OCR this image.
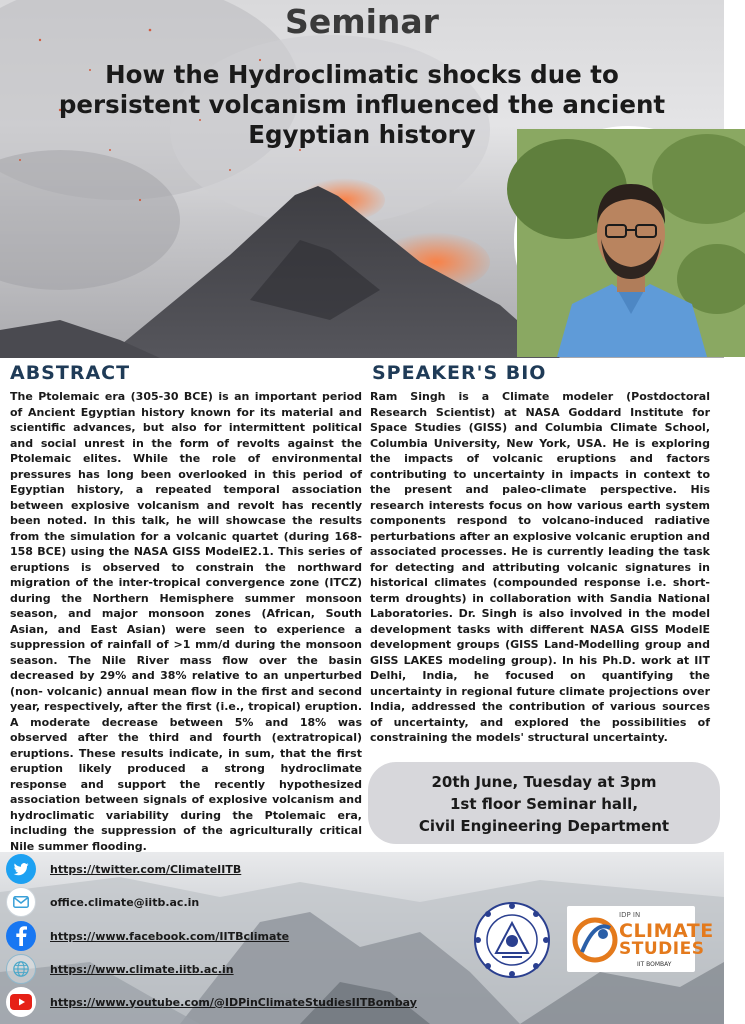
Seminar
How the Hydroclimatic shocks due to persistent volcanism influenced the ancient Egyptian history
ABSTRACT
The Ptolemaic era (305-30 BCE) is an important period of Ancient Egyptian history known for its material and scientific advances, but also for intermittent political and social unrest in the form of revolts against the Ptolemaic elites. While the role of environmental pressures has long been overlooked in this period of Egyptian history, a repeated temporal association between explosive volcanism and revolt has recently been noted. In this talk, he will showcase the results from the simulation for a volcanic quartet (during 168-158 BCE) using the NASA GISS ModelE2.1. This series of eruptions is observed to constrain the northward migration of the inter-tropical convergence zone (ITCZ) during the Northern Hemisphere summer monsoon season, and major monsoon zones (African, South Asian, and East Asian) were seen to experience a suppression of rainfall of >1 mm/d during the monsoon season. The Nile River mass flow over the basin decreased by 29% and 38% relative to an unperturbed (non- volcanic) annual mean flow in the first and second year, respectively, after the first (i.e., tropical) eruption. A moderate decrease between 5% and 18% was observed after the third and fourth (extratropical) eruptions. These results indicate, in sum, that the first eruption likely produced a strong hydroclimate response and support the recently hypothesized association between signals of explosive volcanism and hydroclimatic variability during the Ptolemaic era, including the suppression of the agriculturally critical Nile summer flooding.
SPEAKER'S BIO
Ram Singh is a Climate modeler (Postdoctoral Research Scientist) at NASA Goddard Institute for Space Studies (GISS) and Columbia Climate School, Columbia University, New York, USA. He is exploring the impacts of volcanic eruptions and factors contributing to uncertainty in impacts in context to the present and paleo-climate perspective. His research interests focus on how various earth system components respond to volcano-induced radiative perturbations after an explosive volcanic eruption and associated processes. He is currently leading the task for detecting and attributing volcanic signatures in historical climates (compounded response i.e. short-term droughts) in collaboration with Sandia National Laboratories. Dr. Singh is also involved in the model development tasks with different NASA GISS ModelE development groups (GISS Land-Modelling group and GISS LAKES modeling group). In his Ph.D. work at IIT Delhi, India, he focused on quantifying the uncertainty in regional future climate projections over India, addressed the contribution of various sources of uncertainty, and explored the possibilities of constraining the models' structural uncertainty.
20th June, Tuesday at 3pm
1st floor Seminar hall,
Civil Engineering Department
https://twitter.com/ClimateIITB
office.climate@iitb.ac.in
https://www.facebook.com/IITBclimate
https://www.climate.iitb.ac.in
https://www.youtube.com/@IDPinClimateStudiesIITBombay
IDP IN
CLIMATE
STUDIES
IIT BOMBAY
